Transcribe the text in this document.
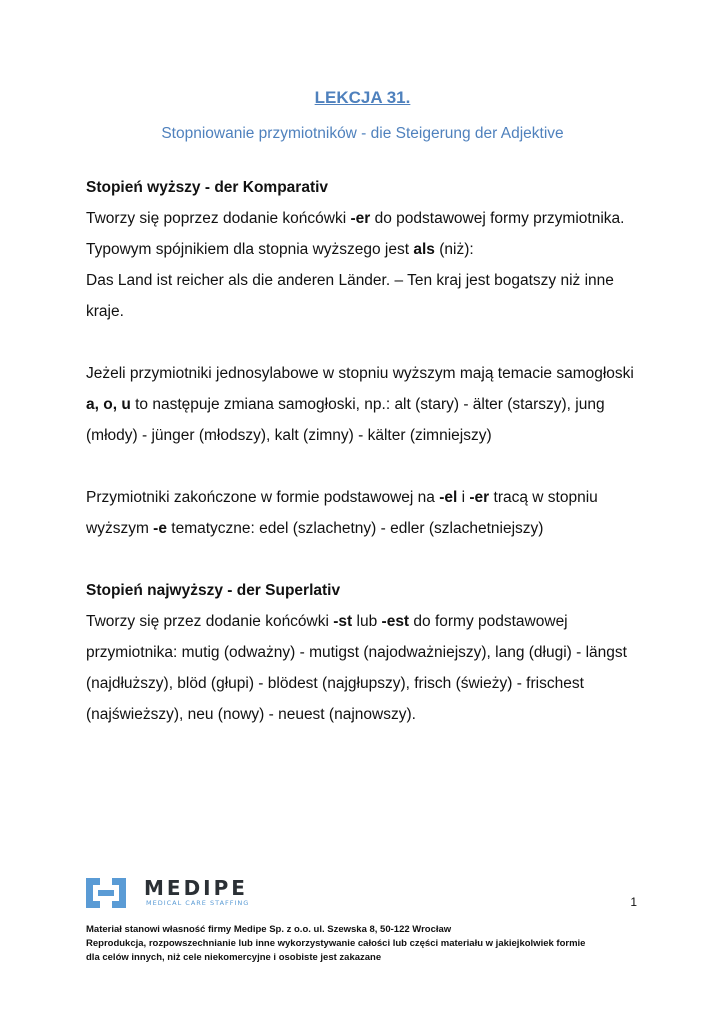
LEKCJA 31.

Stopniowanie przymiotników - die Steigerung der Adjektive

Stopień wyższy - der Komparativ

Tworzy się poprzez dodanie końcówki -er do podstawowej formy przymiotnika.

Typowym spójnikiem dla stopnia wyższego jest als (niż):

Das Land ist reicher als die anderen Länder. – Ten kraj jest bogatszy niż inne kraje.

Jeżeli przymiotniki jednosylabowe w stopniu wyższym mają temacie samogłoski a, o, u to następuje zmiana samogłoski, np.: alt (stary) - älter (starszy), jung (młody) - jünger (młodszy), kalt (zimny) - kälter (zimniejszy)

Przymiotniki zakończone w formie podstawowej na -el i -er tracą w stopniu wyższym -e tematyczne: edel (szlachetny) - edler (szlachetniejszy)

Stopień najwyższy - der Superlativ

Tworzy się przez dodanie końcówki -st lub -est do formy podstawowej przymiotnika: mutig (odważny) - mutigst (najodważniejszy), lang (długi) - längst (najdłuższy), blöd (głupi) - blödest (najgłupszy), frisch (świeży) - frischest (najświeższy), neu (nowy) - neuest (najnowszy).

MEDIPE
MEDICAL CARE STAFFING	1

Materiał stanowi własność firmy Medipe Sp. z o.o. ul. Szewska 8, 50-122 Wrocław

Reprodukcja, rozpowszechnianie lub inne wykorzystywanie całości lub części materiału w jakiejkolwiek formie

dla celów innych, niż cele niekomercyjne i osobiste jest zakazane
